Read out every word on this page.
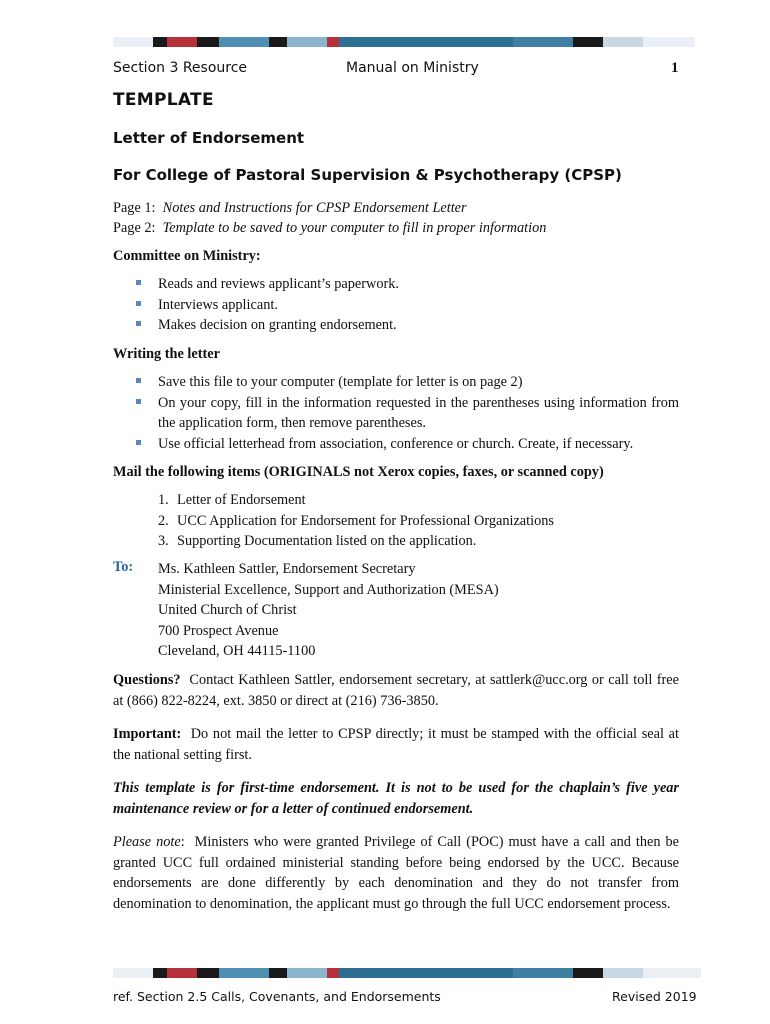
Section 3 Resource	Manual on Ministry	1
TEMPLATE
Letter of Endorsement
For College of Pastoral Supervision & Psychotherapy (CPSP)
Page 1: Notes and Instructions for CPSP Endorsement Letter
Page 2: Template to be saved to your computer to fill in proper information
Committee on Ministry:
Reads and reviews applicant’s paperwork.
Interviews applicant.
Makes decision on granting endorsement.
Writing the letter
Save this file to your computer (template for letter is on page 2)
On your copy, fill in the information requested in the parentheses using information from the application form, then remove parentheses.
Use official letterhead from association, conference or church. Create, if necessary.
Mail the following items (ORIGINALS not Xerox copies, faxes, or scanned copy)
1. Letter of Endorsement
2. UCC Application for Endorsement for Professional Organizations
3. Supporting Documentation listed on the application.
To: Ms. Kathleen Sattler, Endorsement Secretary
Ministerial Excellence, Support and Authorization (MESA)
United Church of Christ
700 Prospect Avenue
Cleveland, OH 44115-1100
Questions? Contact Kathleen Sattler, endorsement secretary, at sattlerk@ucc.org or call toll free at (866) 822-8224, ext. 3850 or direct at (216) 736-3850.
Important: Do not mail the letter to CPSP directly; it must be stamped with the official seal at the national setting first.
This template is for first-time endorsement. It is not to be used for the chaplain’s five year maintenance review or for a letter of continued endorsement.
Please note:  Ministers who were granted Privilege of Call (POC) must have a call and then be granted UCC full ordained ministerial standing before being endorsed by the UCC. Because endorsements are done differently by each denomination and they do not transfer from denomination to denomination, the applicant must go through the full UCC endorsement process.
ref. Section 2.5 Calls, Covenants, and Endorsements	Revised 2019
